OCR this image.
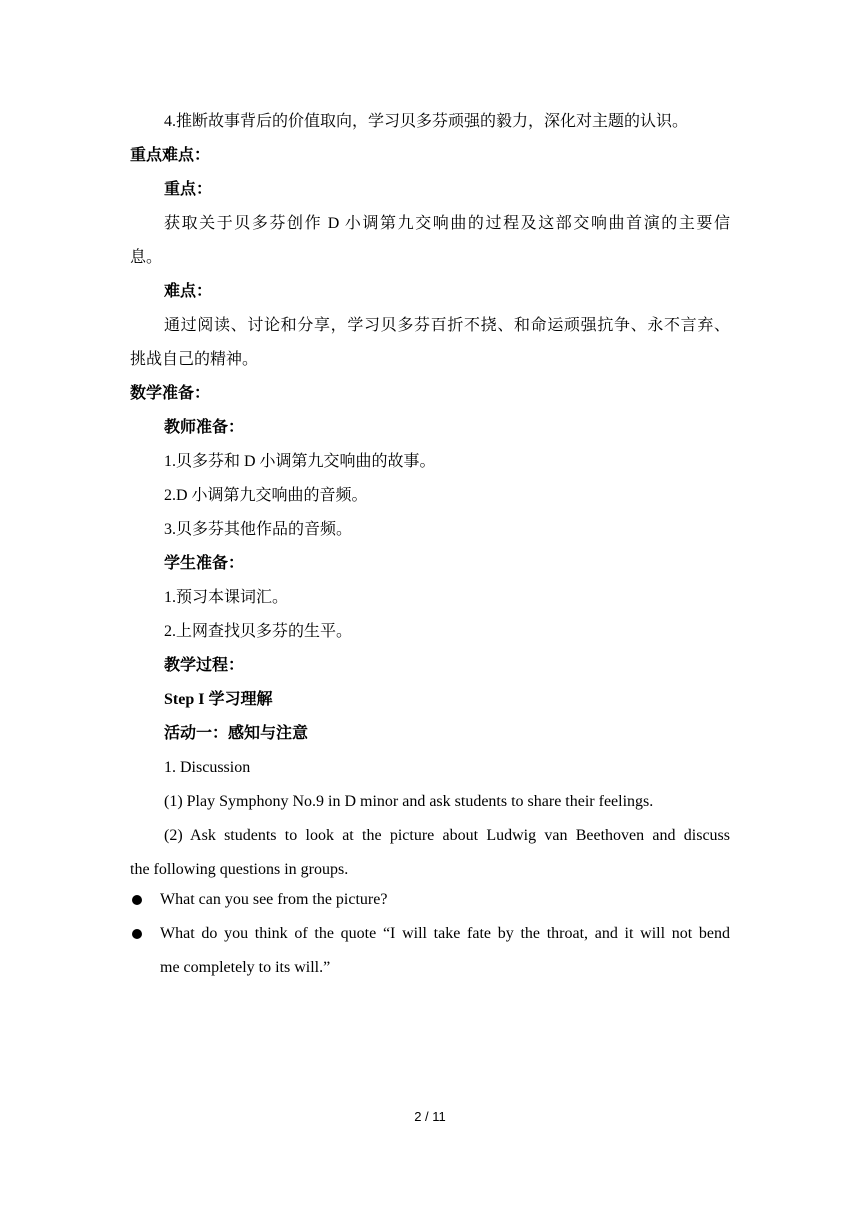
4.推断故事背后的价值取向，学习贝多芬顽强的毅力，深化对主题的认识。
重点难点：
重点：
获取关于贝多芬创作 D 小调第九交响曲的过程及这部交响曲首演的主要信
息。
难点：
通过阅读、讨论和分享，学习贝多芬百折不挠、和命运顽强抗争、永不言弃、
挑战自己的精神。
数学准备：
教师准备：
1.贝多芬和 D 小调第九交响曲的故事。
2.D 小调第九交响曲的音频。
3.贝多芬其他作品的音频。
学生准备：
1.预习本课词汇。
2.上网查找贝多芬的生平。
教学过程：
Step I 学习理解
活动一：感知与注意
1. Discussion
(1) Play Symphony No.9 in D minor and ask students to share their feelings.
(2) Ask students to look at the picture about Ludwig van Beethoven and discuss
the following questions in groups.
What can you see from the picture?
What do you think of the quote “I will take fate by the throat, and it will not bend
me completely to its will.”
2 / 11
